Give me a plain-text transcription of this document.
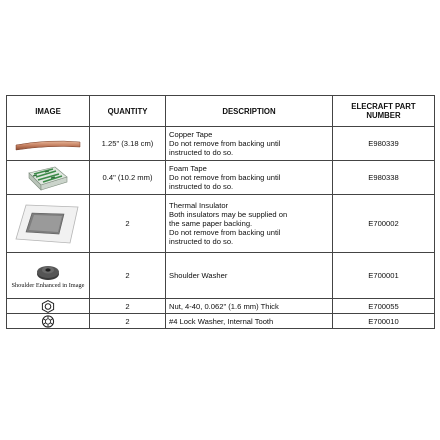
IMAGE	QUANTITY	DESCRIPTION	ELECRAFT PART NUMBER

	1.25" (3.18 cm)	Copper Tape
Do not remove from backing until
instructed to do so.	E980339

	0.4" (10.2 mm)	Foam Tape
Do not remove from backing until
instructed to do so.	E980338

	2	Thermal Insulator
Both insulators may be supplied on
the same paper backing.
Do not remove from backing until
instructed to do so.	E700002

Shoulder Enhanced in Image	2	Shoulder Washer	E700001

	2	Nut, 4-40, 0.062" (1.6 mm) Thick	E700055

	2	#4 Lock Washer, Internal Tooth	E700010
